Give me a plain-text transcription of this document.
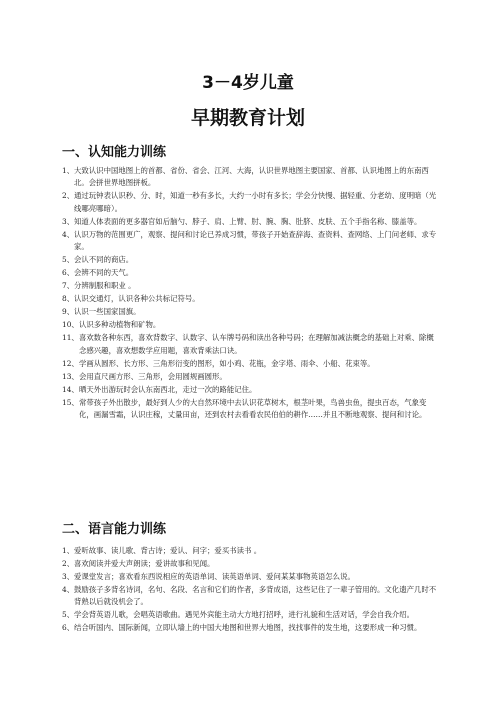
3－4岁儿童
早期教育计划
一、认知能力训练
1、 大致认识中国地图上的首都、省份、省会、江河、大海，认识世界地图主要国家、首都、认识地图上的东南西北。会拼世界地图拼板。
2、 通过玩钟表认识秒、分、时，知道一秒有多长，大约一小时有多长；学会分快慢、据轻重、分老幼、度明暗（光线哪亮哪暗）。
3、 知道人体表面的更多器官如后脑勺、脖子、肩、上臂、肘、腕、胸、肚脐、皮肤、五个手指名称、膝盖等。
4、 认识万物的范围更广，观察、提问和讨论已养成习惯，带孩子开始查辞海、查资料、查网络、上门问老师、求专家。
5、 会认不同的商店。
6、 会辨不同的天气。
7、 分辨制服和职业 。
8、 认识交通灯，认识各种公共标记符号。
9、 认识一些国家国旗。
10、 认识多种动植物和矿物。
11、 喜欢数各种东西，喜欢背数字、认数字、认车牌号码和读出各种号码；在理解加减法概念的基础上对乘、除概念感兴趣，喜欢想数学应用题，喜欢背乘法口诀。
12、 学画从圆形、长方形、三角形衍变的图形，如小鸡、花瓶，金字塔、雨伞、小船、花束等。
13、 会用直尺画方形、三角形，会用圆规画圆形。
14、 晒天外出游玩时会认东南西北，走过一次的路能记住。
15、 常带孩子外出散步，最好到人少的大自然环境中去认识花草树木，根茎叶果，鸟兽虫鱼，提虫百态，气象变化，画漏雪霜，认识庄稼，丈量田亩，还到农村去看看农民伯伯的耕作……并且不断地观察、提问和讨论。
二、语言能力训练
1、 爱听故事、读儿歌、背古诗；爱认、问字；爱买书读书 。
2、 喜欢阅读并爱大声朗读；爱讲故事和见闻。
3、 爱课堂发言；喜欢看东西说相应的英语单词、读英语单词、爱问某某事物英语怎么说。
4、 鼓励孩子多背名诗词，名句、名段、名言和它们的作者，多背成语，这些记住了一辈子管用的。文化遗产几时不背熟以后就没机会了。
5、 学会背英语儿歌，会唱英语歌曲。遇见外宾能主动大方地打招呼，进行礼貌和生活对话，学会自我介绍。
6、 结合听国内、国际新闻，立即认墙上的中国大地图和世界大地图，找找事件的发生地，这要形成一种习惯。
